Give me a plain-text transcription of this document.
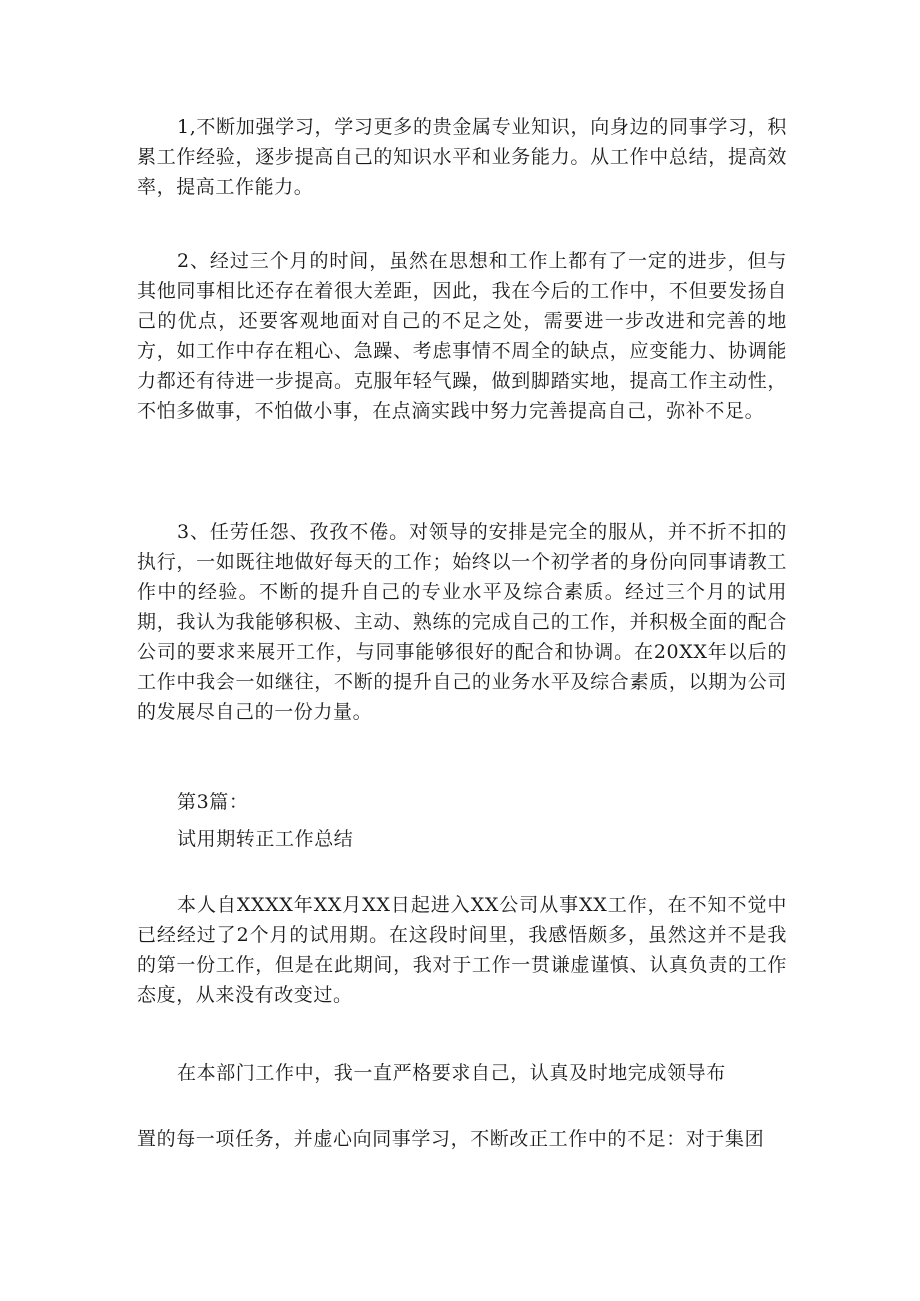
1,不断加强学习，学习更多的贵金属专业知识，向身边的同事学习，积累工作经验，逐步提高自己的知识水平和业务能力。从工作中总结，提高效率，提高工作能力。

2、经过三个月的时间，虽然在思想和工作上都有了一定的进步，但与其他同事相比还存在着很大差距，因此，我在今后的工作中，不但要发扬自己的优点，还要客观地面对自己的不足之处，需要进一步改进和完善的地方，如工作中存在粗心、急躁、考虑事情不周全的缺点，应变能力、协调能力都还有待进一步提高。克服年轻气躁，做到脚踏实地，提高工作主动性，不怕多做事，不怕做小事，在点滴实践中努力完善提高自己，弥补不足。

3、任劳任怨、孜孜不倦。对领导的安排是完全的服从，并不折不扣的执行，一如既往地做好每天的工作；始终以一个初学者的身份向同事请教工作中的经验。不断的提升自己的专业水平及综合素质。经过三个月的试用期，我认为我能够积极、主动、熟练的完成自己的工作，并积极全面的配合公司的要求来展开工作，与同事能够很好的配合和协调。在20XX年以后的工作中我会一如继往，不断的提升自己的业务水平及综合素质，以期为公司的发展尽自己的一份力量。

第3篇：

试用期转正工作总结

本人自XXXX年XX月XX日起进入XX公司从事XX工作，在不知不觉中已经经过了2个月的试用期。在这段时间里，我感悟颇多，虽然这并不是我的第一份工作，但是在此期间，我对于工作一贯谦虚谨慎、认真负责的工作态度，从来没有改变过。

在本部门工作中，我一直严格要求自己，认真及时地完成领导布

置的每一项任务，并虚心向同事学习，不断改正工作中的不足：对于集团
